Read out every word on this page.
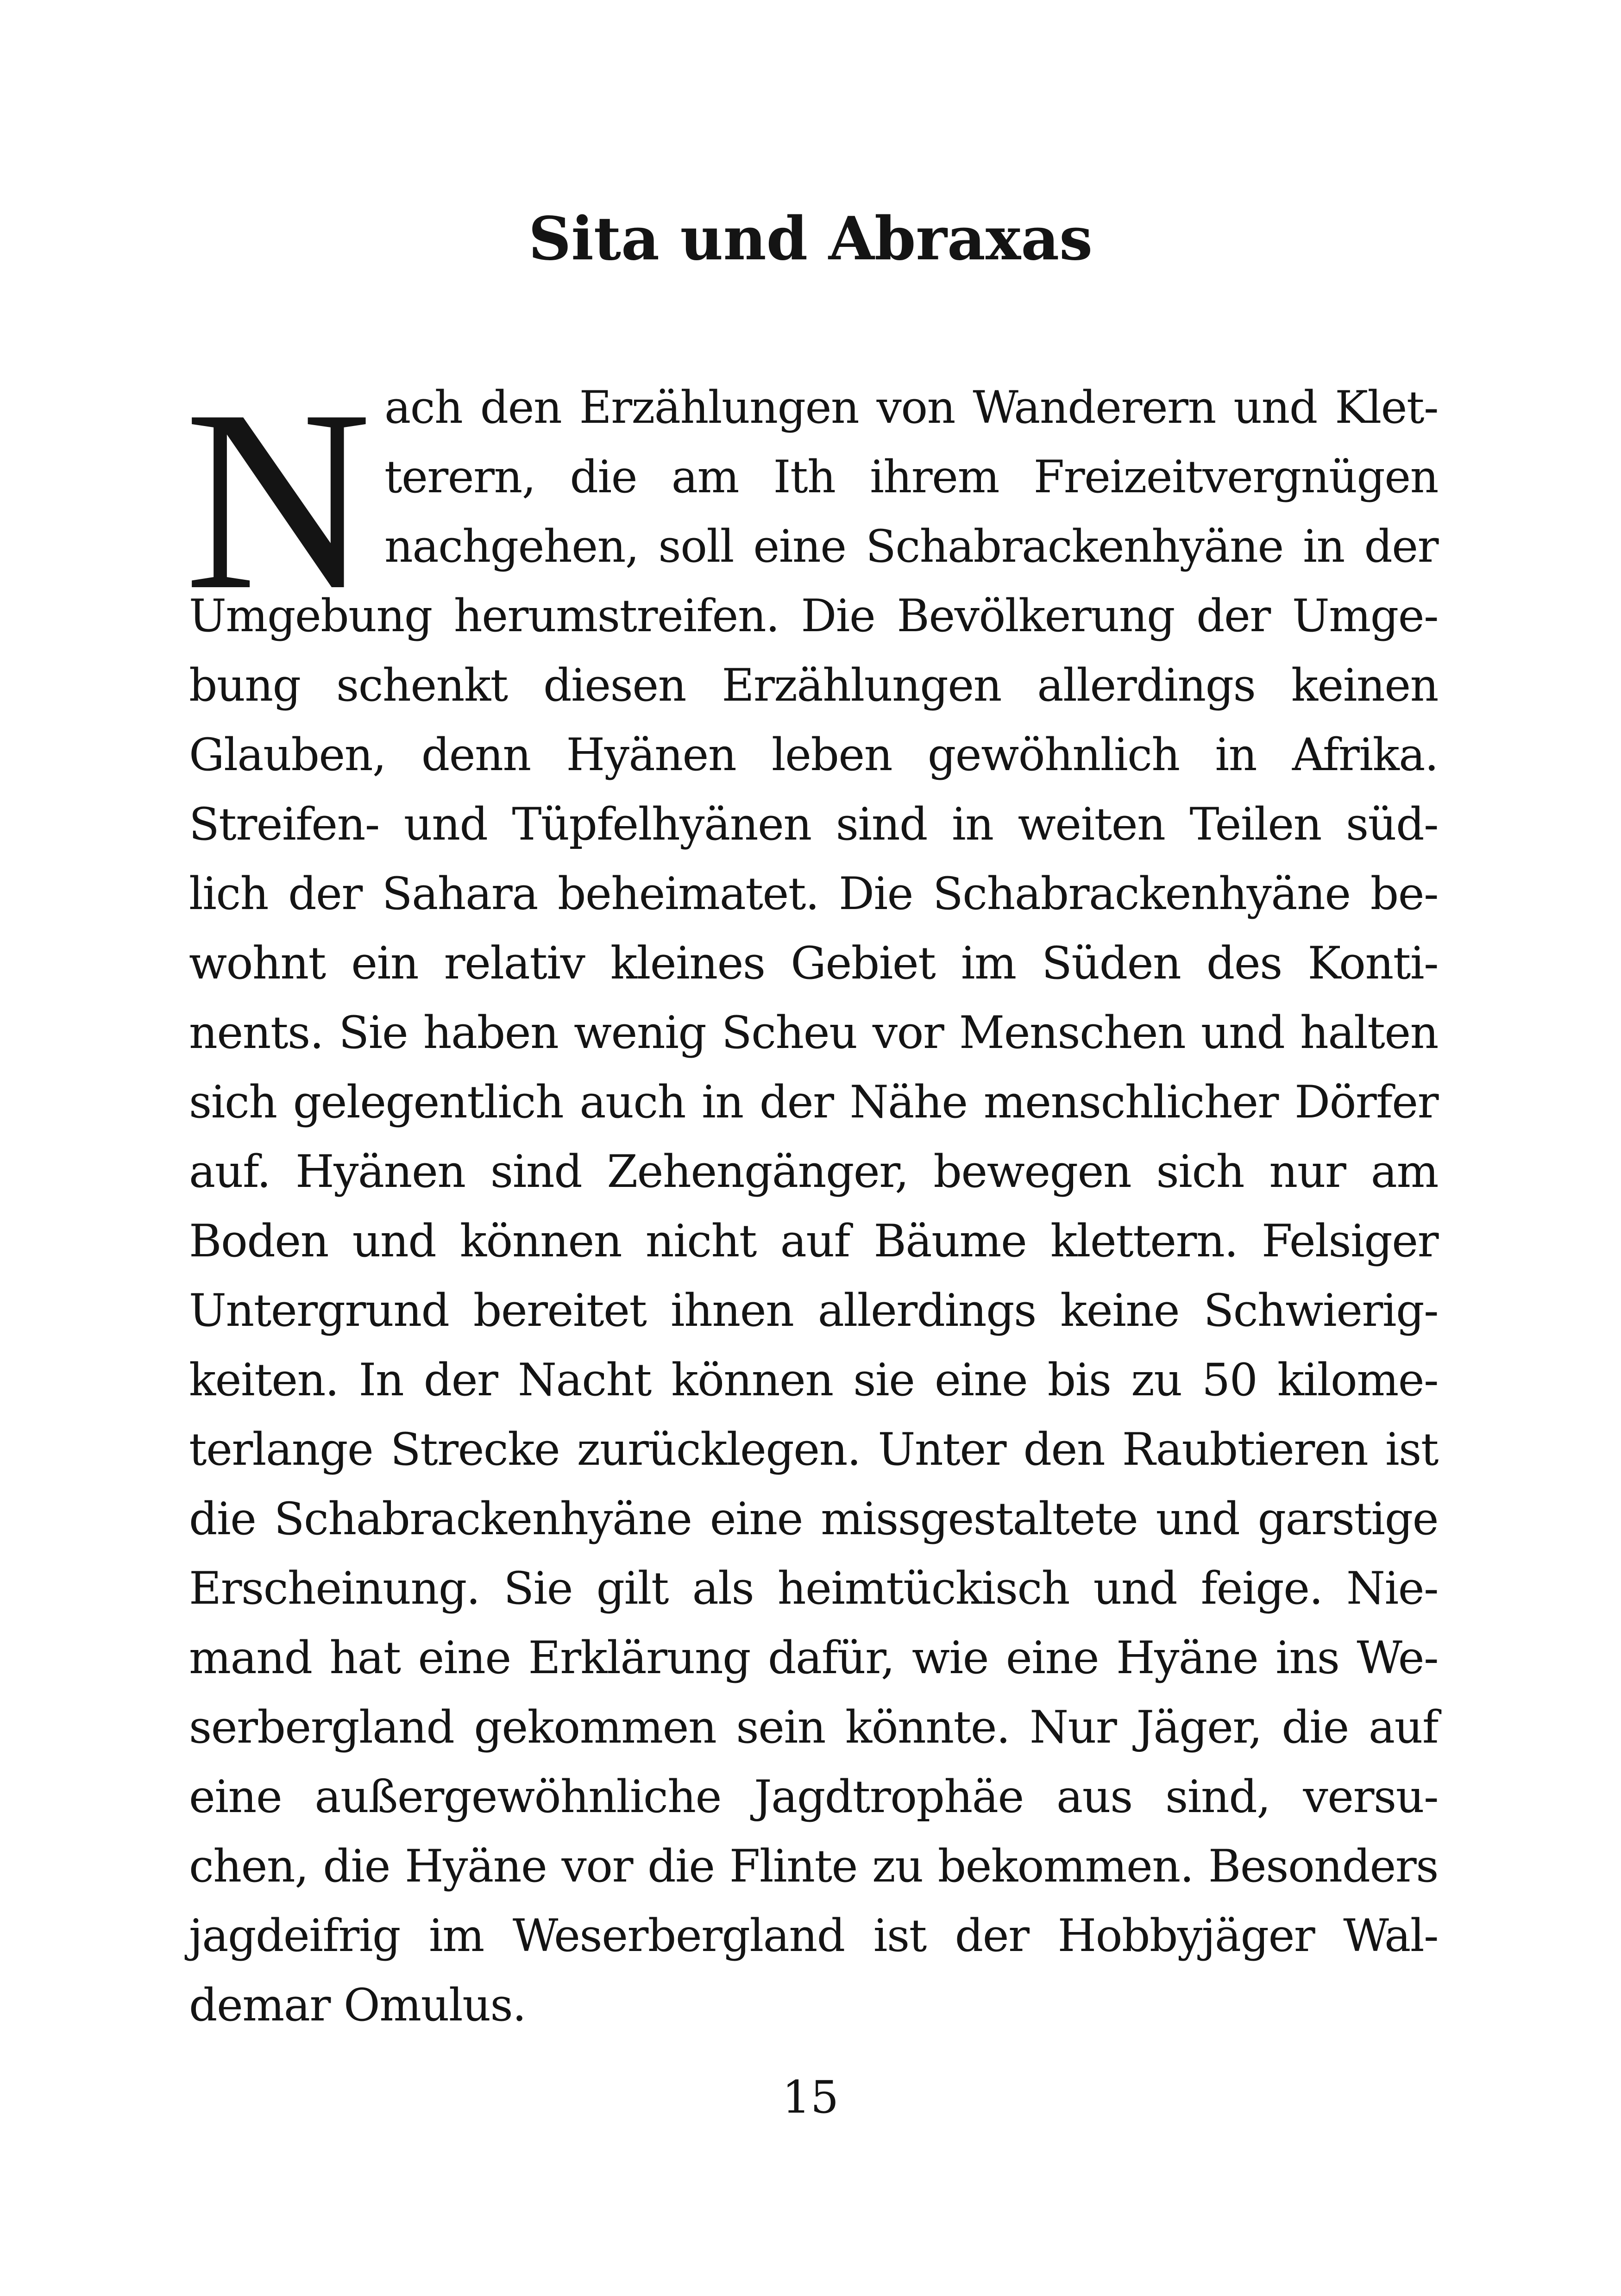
Sita und Abraxas
N ach den Erzählungen von Wanderern und Klet-
terern, die am Ith ihrem Freizeitvergnügen
nachgehen, soll eine Schabrackenhyäne in der
Umgebung herumstreifen. Die Bevölkerung der Umge-
bung schenkt diesen Erzählungen allerdings keinen
Glauben, denn Hyänen leben gewöhnlich in Afrika.
Streifen- und Tüpfelhyänen sind in weiten Teilen süd-
lich der Sahara beheimatet. Die Schabrackenhyäne be-
wohnt ein relativ kleines Gebiet im Süden des Konti-
nents. Sie haben wenig Scheu vor Menschen und halten
sich gelegentlich auch in der Nähe menschlicher Dörfer
auf. Hyänen sind Zehengänger, bewegen sich nur am
Boden und können nicht auf Bäume klettern. Felsiger
Untergrund bereitet ihnen allerdings keine Schwierig-
keiten. In der Nacht können sie eine bis zu 50 kilome-
terlange Strecke zurücklegen. Unter den Raubtieren ist
die Schabrackenhyäne eine missgestaltete und garstige
Erscheinung. Sie gilt als heimtückisch und feige. Nie-
mand hat eine Erklärung dafür, wie eine Hyäne ins We-
serbergland gekommen sein könnte. Nur Jäger, die auf
eine außergewöhnliche Jagdtrophäe aus sind, versu-
chen, die Hyäne vor die Flinte zu bekommen. Besonders
jagdeifrig im Weserbergland ist der Hobbyjäger Wal-
demar Omulus.
15
